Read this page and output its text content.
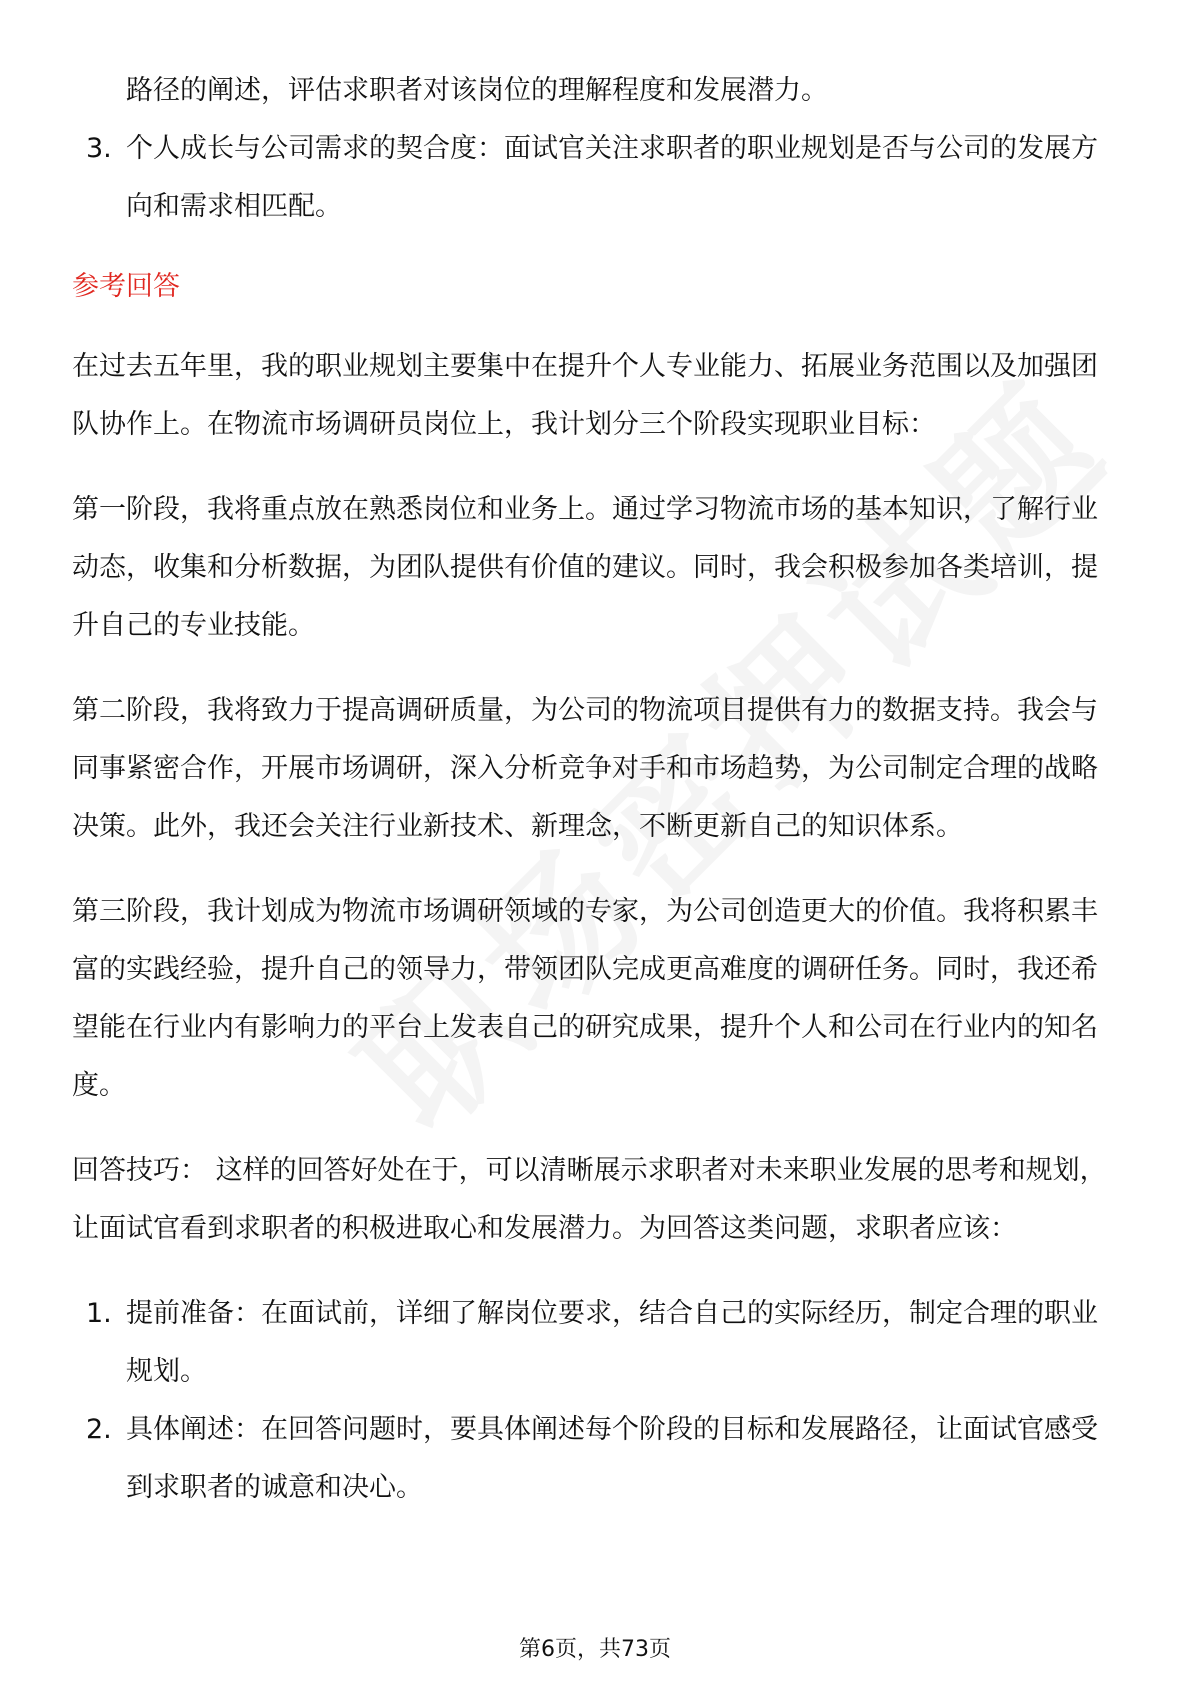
路径的阐述，评估求职者对该岗位的理解程度和发展潜力。
3. 个人成长与公司需求的契合度：面试官关注求职者的职业规划是否与公司的发展方向和需求相匹配。
参考回答

在过去五年里，我的职业规划主要集中在提升个人专业能力、拓展业务范围以及加强团队协作上。在物流市场调研员岗位上，我计划分三个阶段实现职业目标：

第一阶段，我将重点放在熟悉岗位和业务上。通过学习物流市场的基本知识，了解行业动态，收集和分析数据，为团队提供有价值的建议。同时，我会积极参加各类培训，提升自己的专业技能。

第二阶段，我将致力于提高调研质量，为公司的物流项目提供有力的数据支持。我会与同事紧密合作，开展市场调研，深入分析竞争对手和市场趋势，为公司制定合理的战略决策。此外，我还会关注行业新技术、新理念，不断更新自己的知识体系。

第三阶段，我计划成为物流市场调研领域的专家，为公司创造更大的价值。我将积累丰富的实践经验，提升自己的领导力，带领团队完成更高难度的调研任务。同时，我还希望能在行业内有影响力的平台上发表自己的研究成果，提升个人和公司在行业内的知名度。

回答技巧： 这样的回答好处在于，可以清晰展示求职者对未来职业发展的思考和规划，让面试官看到求职者的积极进取心和发展潜力。为回答这类问题，求职者应该：

1. 提前准备：在面试前，详细了解岗位要求，结合自己的实际经历，制定合理的职业规划。
2. 具体阐述：在回答问题时，要具体阐述每个阶段的目标和发展路径，让面试官感受到求职者的诚意和决心。
第6页，共73页
